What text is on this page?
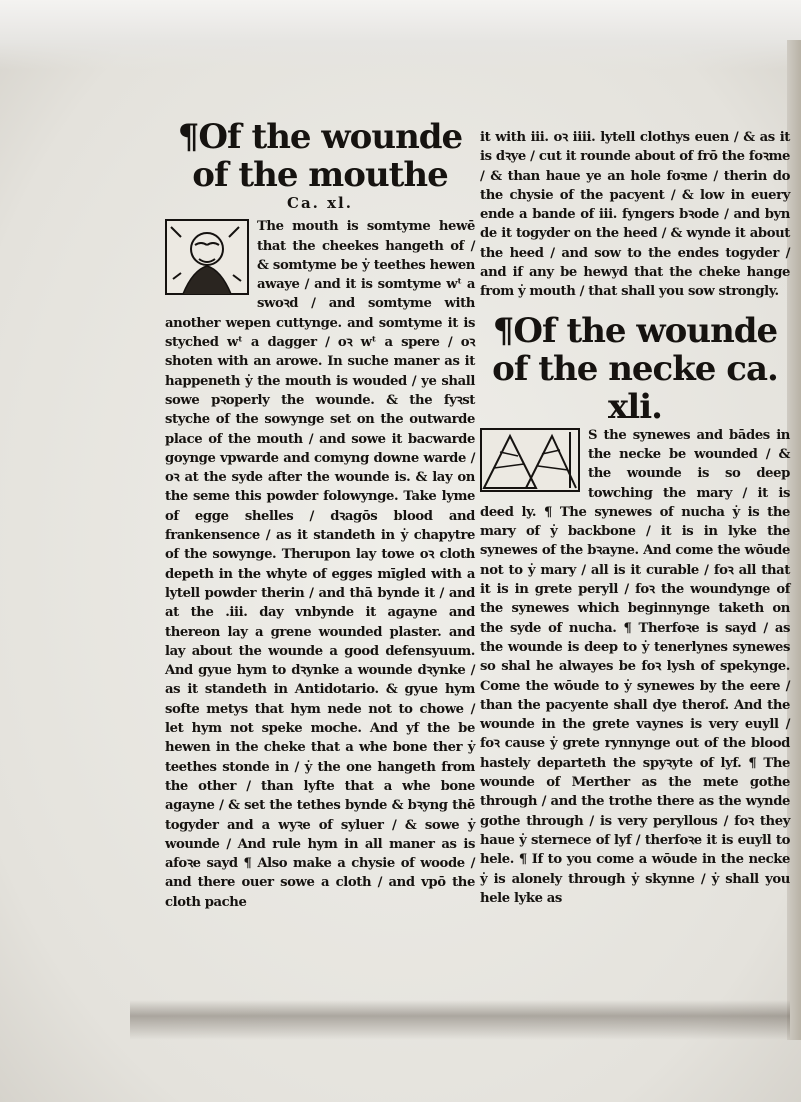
¶Of the wounde of the mouthe

Ca. xl.

The mouth is somtyme hewē that the cheekes hangeth of / & somtyme be ẏ teethes hewen awaye / and it is somtyme wᵗ a swoꝛd / and somtyme with another wepen cuttynge. and somtyme it is styched wᵗ a dagger / oꝛ wᵗ a spere / oꝛ shoten with an arowe. In suche maner as it happeneth ẏ the mouth is wouded / ye shall sowe pꝛoperly the wounde. & the fyꝛst styche of the sowynge set on the outwarde place of the mouth / and sowe it bacwarde goynge vpwarde and comyng downe warde / oꝛ at the syde after the wounde is. & lay on the seme this powder folowynge. Take lyme of egge shelles / dꝛagōs blood and frankensence / as it standeth in ẏ chapytre of the sowynge. Therupon lay towe oꝛ cloth depeth in the whyte of egges mīgled with a lytell powder therin / and thā bynde it / and at the .iii. day vnbynde it agayne and thereon lay a grene wounded plaster. and lay about the wounde a good defensyuum. And gyue hym to dꝛynke a wounde dꝛynke / as it standeth in Antidotario. & gyue hym softe metys that hym nede not to chowe / let hym not speke moche. And yf the be hewen in the cheke that a whe bone ther ẏ teethes stonde in / ẏ the one hangeth from the other / than lyfte that a whe bone agayne / & set the tethes bynde & bꝛyng thē togyder and a wyꝛe of syluer / & sowe ẏ wounde / And rule hym in all maner as is afoꝛe sayd ¶ Also make a chysie of woode / and there ouer sowe a cloth / and vpō the cloth pache

it with iii. oꝛ iiii. lytell clothys euen / & as it is dꝛye / cut it rounde about of frō the foꝛme / & than haue ye an hole foꝛme / therin do the chysie of the pacyent / & low in euery ende a bande of iii. fyngers bꝛode / and byn de it togyder on the heed / & wynde it about the heed / and sow to the endes togyder / and if any be hewyd that the cheke hange from ẏ mouth / that shall you sow strongly.

¶Of the wounde of the necke ca. xli.

S the synewes and bādes in the necke be wounded / & the wounde is so deep towching the mary / it is deed ly. ¶ The synewes of nucha ẏ is the mary of ẏ backbone / it is in lyke the synewes of the bꝛayne. And come the wōude not to ẏ mary / all is it curable / foꝛ all that it is in grete peryll / foꝛ the woundynge of the synewes which beginnynge taketh on the syde of nucha. ¶ Therfoꝛe is sayd / as the wounde is deep to ẏ tenerlynes synewes so shal he alwayes be foꝛ lysh of spekynge. Come the wōude to ẏ synewes by the eere / than the pacyente shall dye therof. And the wounde in the grete vaynes is very euyll / foꝛ cause ẏ grete rynnynge out of the blood hastely departeth the spyꝛyte of lyf. ¶ The wounde of Merther as the mete gothe through / and the trothe there as the wynde gothe through / is very peryllous / foꝛ they haue ẏ sternece of lyf / therfoꝛe it is euyll to hele. ¶ If to you come a wōude in the necke ẏ is alonely through ẏ skynne / ẏ shall you hele lyke as
